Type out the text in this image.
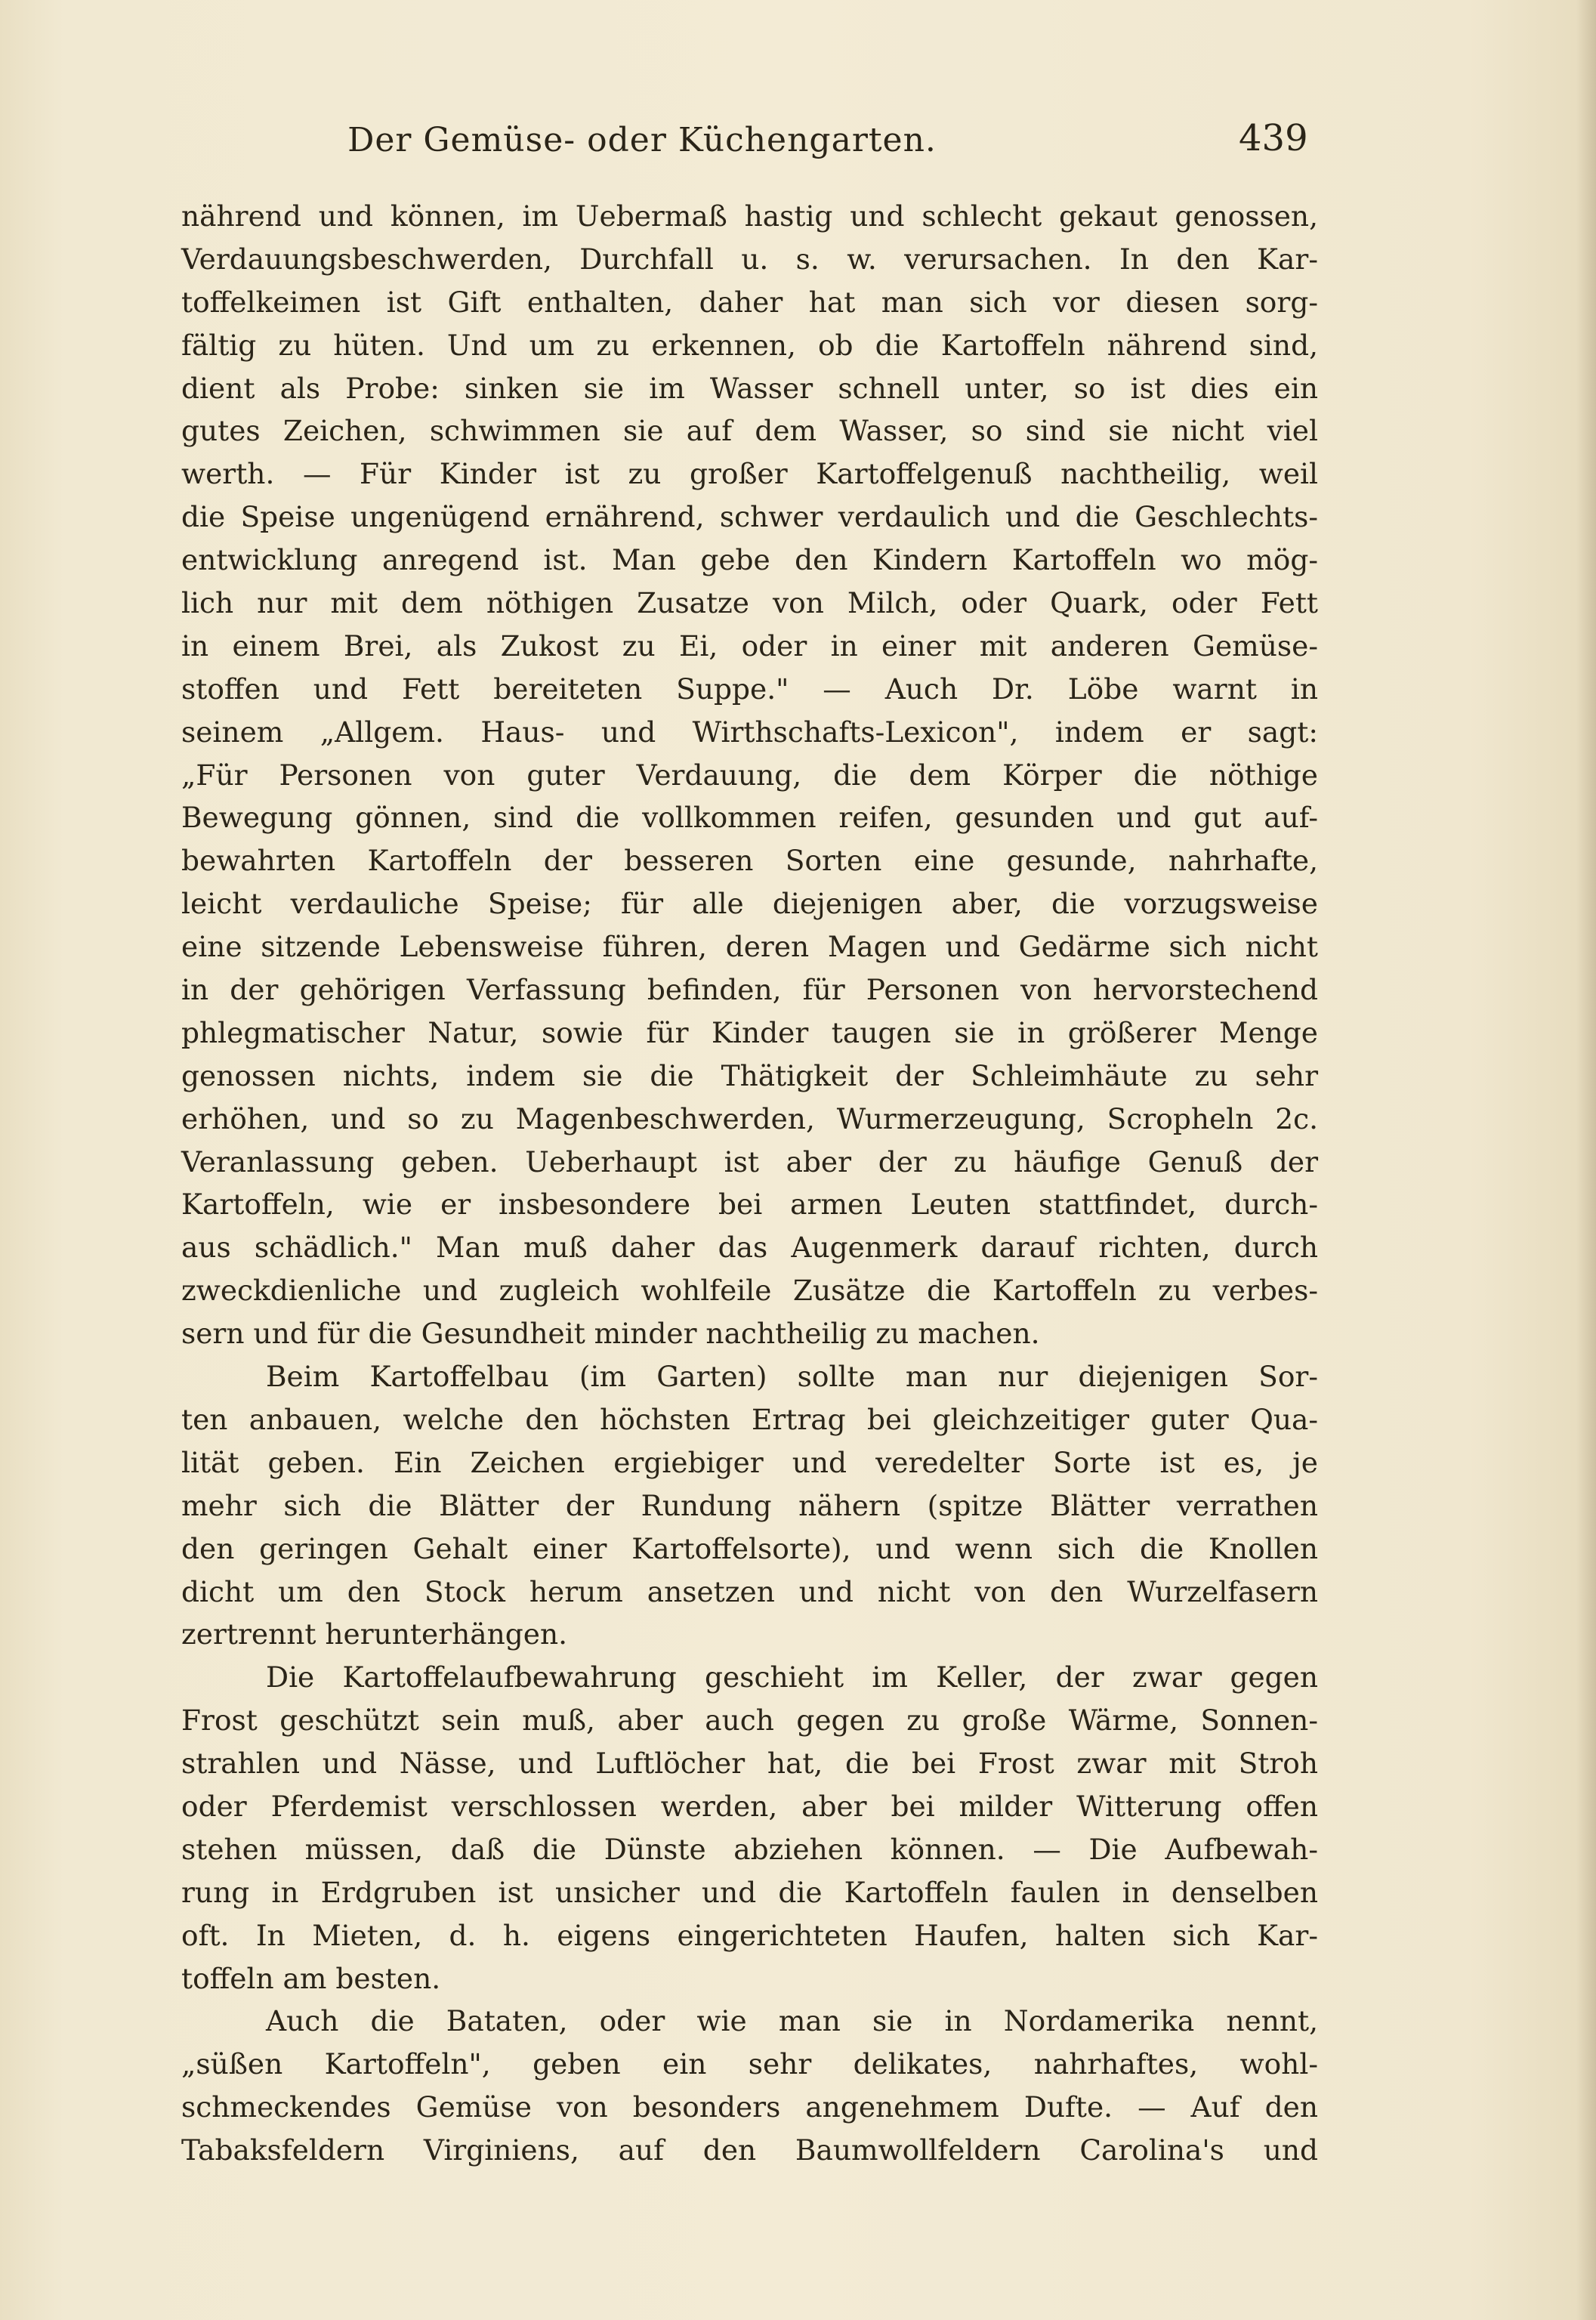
Der Gemüse- oder Küchengarten.	439
nährend und können, im Uebermaß hastig und schlecht gekaut genossen,
Verdauungsbeschwerden, Durchfall u. s. w. verursachen. In den Kar-
toffelkeimen ist Gift enthalten, daher hat man sich vor diesen sorg-
fältig zu hüten. Und um zu erkennen, ob die Kartoffeln nährend sind,
dient als Probe: sinken sie im Wasser schnell unter, so ist dies ein
gutes Zeichen, schwimmen sie auf dem Wasser, so sind sie nicht viel
werth. — Für Kinder ist zu großer Kartoffelgenuß nachtheilig, weil
die Speise ungenügend ernährend, schwer verdaulich und die Geschlechts-
entwicklung anregend ist. Man gebe den Kindern Kartoffeln wo mög-
lich nur mit dem nöthigen Zusatze von Milch, oder Quark, oder Fett
in einem Brei, als Zukost zu Ei, oder in einer mit anderen Gemüse-
stoffen und Fett bereiteten Suppe." — Auch Dr. Löbe warnt in
seinem „Allgem. Haus- und Wirthschafts-Lexicon", indem er sagt:
„Für Personen von guter Verdauung, die dem Körper die nöthige
Bewegung gönnen, sind die vollkommen reifen, gesunden und gut auf-
bewahrten Kartoffeln der besseren Sorten eine gesunde, nahrhafte,
leicht verdauliche Speise; für alle diejenigen aber, die vorzugsweise
eine sitzende Lebensweise führen, deren Magen und Gedärme sich nicht
in der gehörigen Verfassung befinden, für Personen von hervorstechend
phlegmatischer Natur, sowie für Kinder taugen sie in größerer Menge
genossen nichts, indem sie die Thätigkeit der Schleimhäute zu sehr
erhöhen, und so zu Magenbeschwerden, Wurmerzeugung, Scropheln 2c.
Veranlassung geben. Ueberhaupt ist aber der zu häufige Genuß der
Kartoffeln, wie er insbesondere bei armen Leuten stattfindet, durch-
aus schädlich." Man muß daher das Augenmerk darauf richten, durch
zweckdienliche und zugleich wohlfeile Zusätze die Kartoffeln zu verbes-
sern und für die Gesundheit minder nachtheilig zu machen.
Beim Kartoffelbau (im Garten) sollte man nur diejenigen Sor-
ten anbauen, welche den höchsten Ertrag bei gleichzeitiger guter Qua-
lität geben. Ein Zeichen ergiebiger und veredelter Sorte ist es, je
mehr sich die Blätter der Rundung nähern (spitze Blätter verrathen
den geringen Gehalt einer Kartoffelsorte), und wenn sich die Knollen
dicht um den Stock herum ansetzen und nicht von den Wurzelfasern
zertrennt herunterhängen.
Die Kartoffelaufbewahrung geschieht im Keller, der zwar gegen
Frost geschützt sein muß, aber auch gegen zu große Wärme, Sonnen-
strahlen und Nässe, und Luftlöcher hat, die bei Frost zwar mit Stroh
oder Pferdemist verschlossen werden, aber bei milder Witterung offen
stehen müssen, daß die Dünste abziehen können. — Die Aufbewah-
rung in Erdgruben ist unsicher und die Kartoffeln faulen in denselben
oft. In Mieten, d. h. eigens eingerichteten Haufen, halten sich Kar-
toffeln am besten.
Auch die Bataten, oder wie man sie in Nordamerika nennt,
„süßen Kartoffeln", geben ein sehr delikates, nahrhaftes, wohl-
schmeckendes Gemüse von besonders angenehmem Dufte. — Auf den
Tabaksfeldern Virginiens, auf den Baumwollfeldern Carolina's und
